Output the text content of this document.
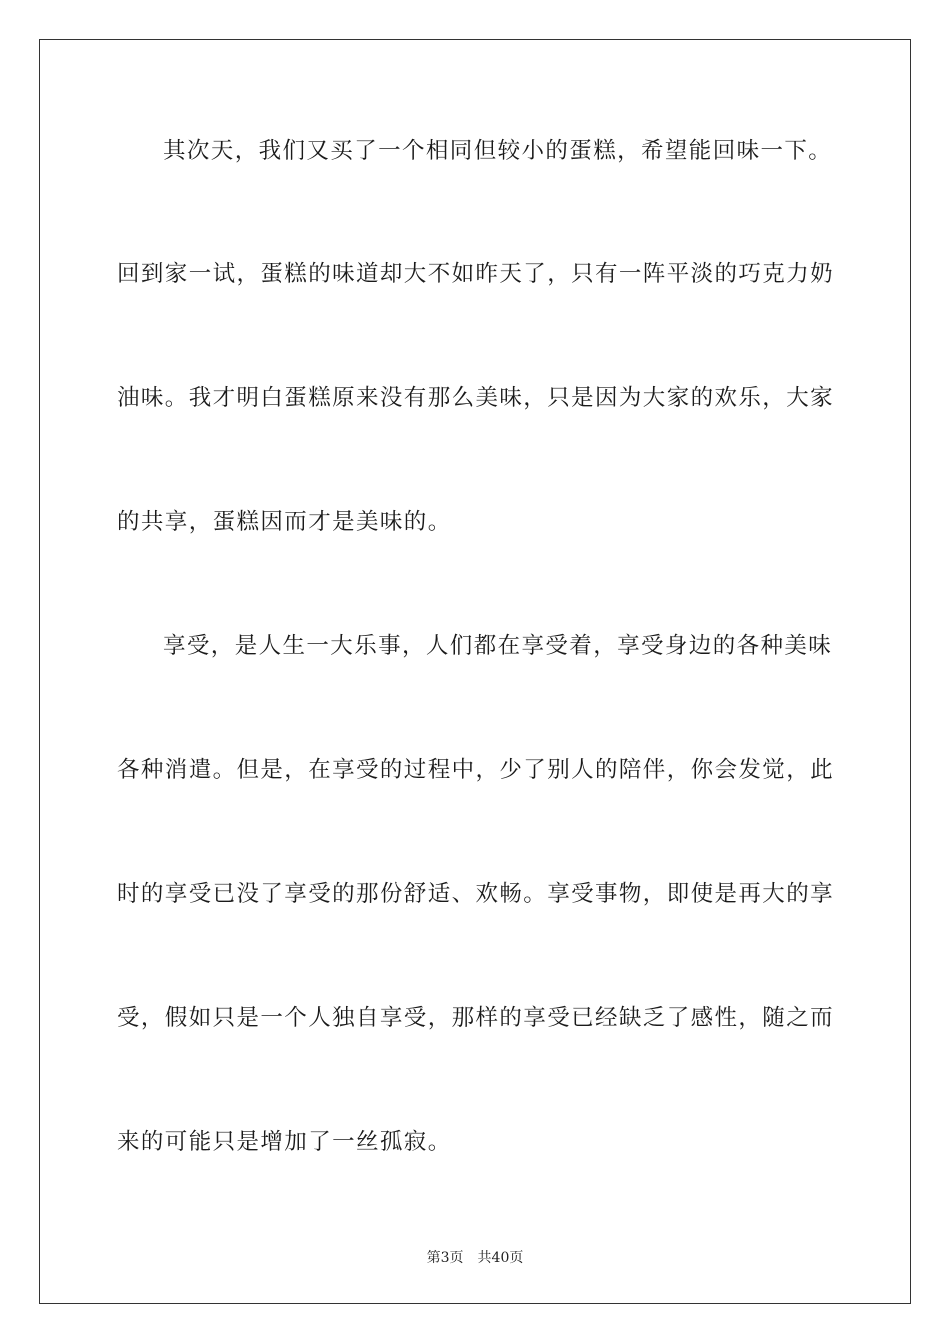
其次天，我们又买了一个相同但较小的蛋糕，希望能回味一下。
回到家一试，蛋糕的味道却大不如昨天了，只有一阵平淡的巧克力奶
油味。我才明白蛋糕原来没有那么美味，只是因为大家的欢乐，大家
的共享，蛋糕因而才是美味的。
享受，是人生一大乐事，人们都在享受着，享受身边的各种美味
各种消遣。但是，在享受的过程中，少了别人的陪伴，你会发觉，此
时的享受已没了享受的那份舒适、欢畅。享受事物，即使是再大的享
受，假如只是一个人独自享受，那样的享受已经缺乏了感性，随之而
来的可能只是增加了一丝孤寂。
第3页 共40页
